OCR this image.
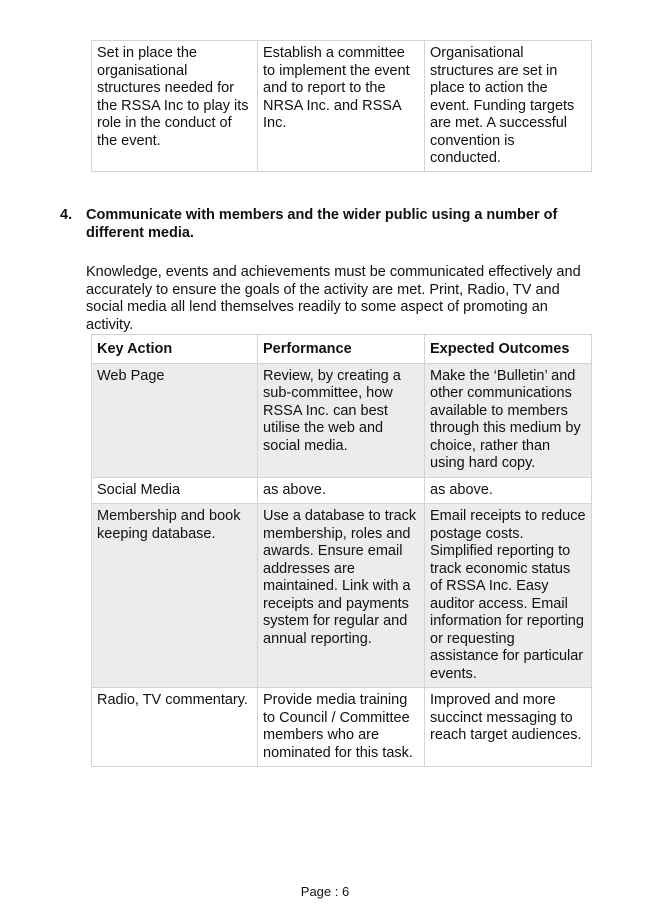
Set in place the organisational structures needed for the RSSA Inc to play its role in the conduct of the event.	Establish a committee to implement the event and to report to the NRSA Inc. and RSSA Inc.	Organisational structures are set in place to action the event. Funding targets are met. A successful convention is conducted.
4. Communicate with members and the wider public using a number of different media.
Knowledge, events and achievements must be communicated effectively and accurately to ensure the goals of the activity are met. Print, Radio, TV and social media all lend themselves readily to some aspect of promoting an activity.
Key Action	Performance	Expected Outcomes
Web Page	Review, by creating a sub-committee, how RSSA Inc. can best utilise the web and social media.	Make the ‘Bulletin’ and other communications available to members through this medium by choice, rather than using hard copy.
Social Media	as above.	as above.
Membership and book keeping database.	Use a database to track membership, roles and awards. Ensure email addresses are maintained. Link with a receipts and payments system for regular and annual reporting.	Email receipts to reduce postage costs. Simplified reporting to track economic status of RSSA Inc. Easy auditor access. Email information for reporting or requesting assistance for particular events.
Radio, TV commentary.	Provide media training to Council / Committee members who are nominated for this task.	Improved and more succinct messaging to reach target audiences.
Page : 6
